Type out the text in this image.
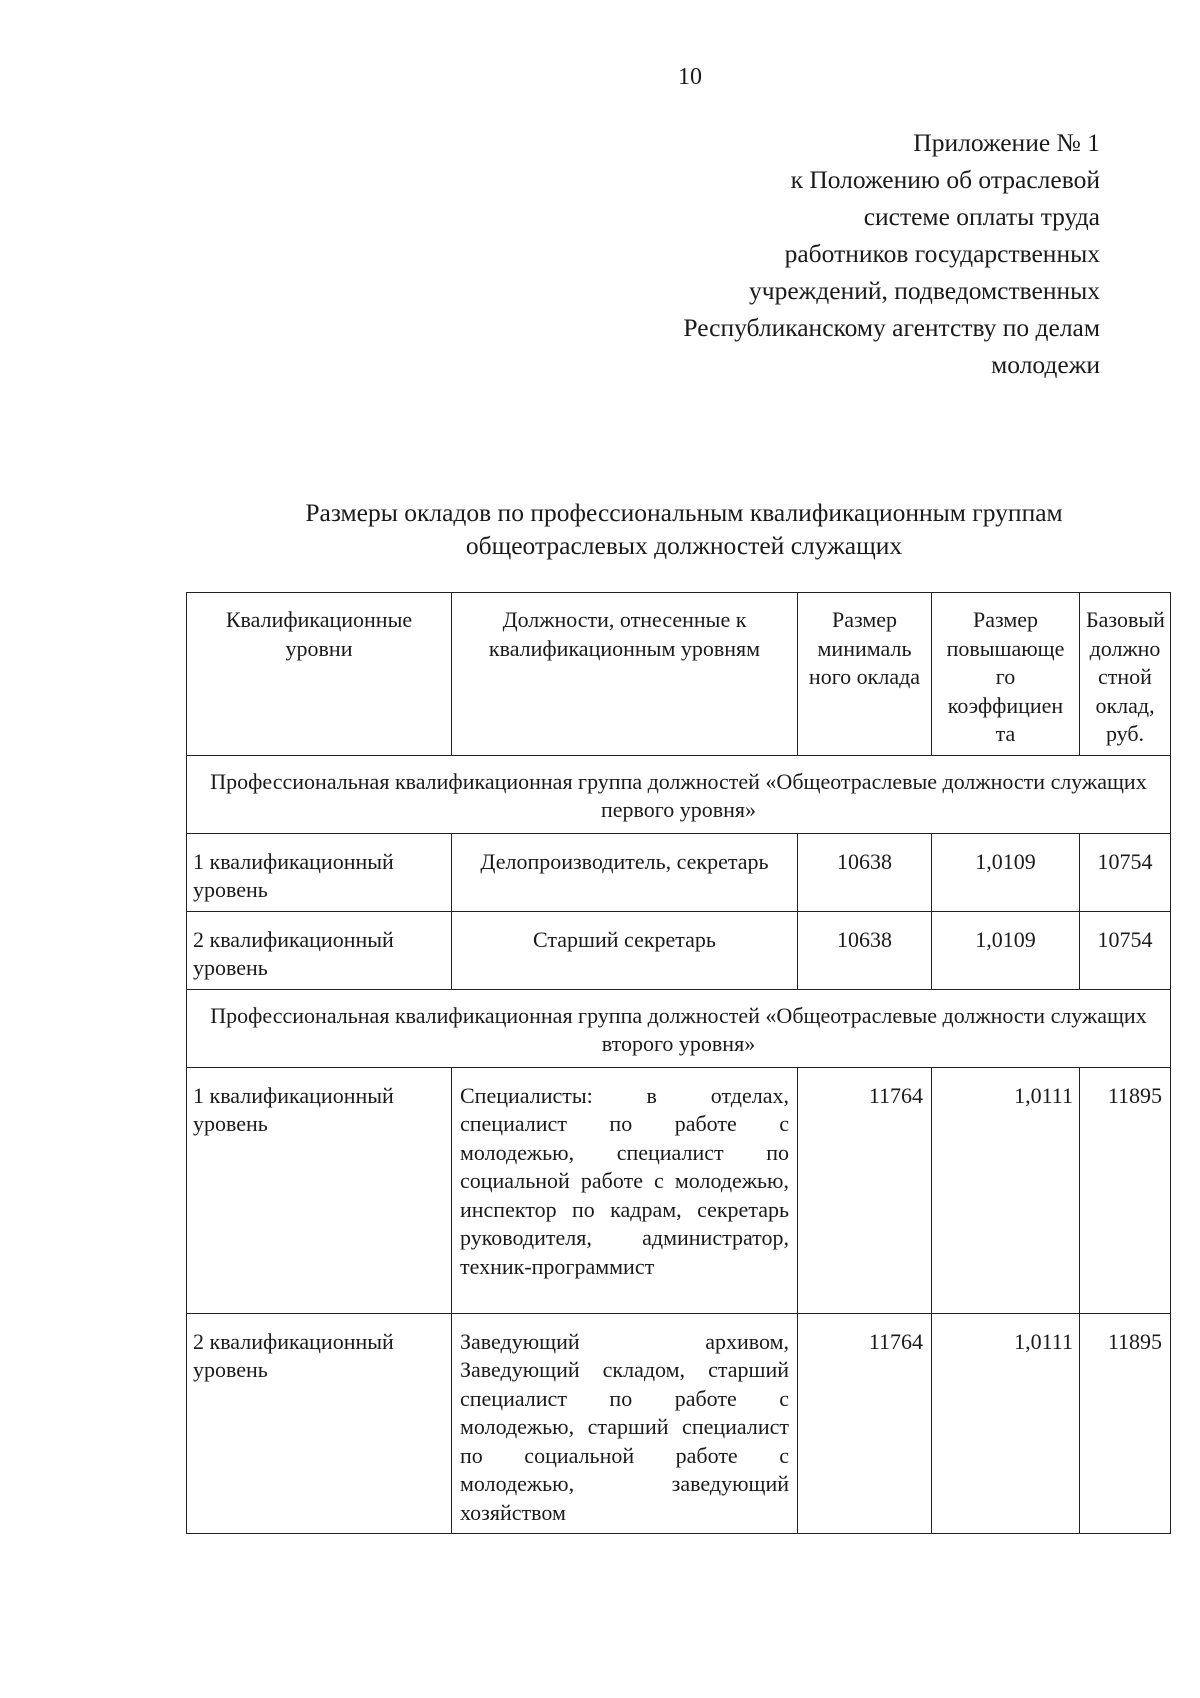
10
Приложение № 1
к Положению об отраслевой
системе оплаты труда
работников государственных
учреждений, подведомственных
Республиканскому агентству по делам
молодежи
Размеры окладов по профессиональным квалификационным группам
общеотраслевых должностей служащих
Квалификационные уровни	Должности, отнесенные к квалификационным уровням	Размер минималь ного оклада	Размер повышающе го коэффициен та	Базовый должно стной оклад, руб.
Профессиональная квалификационная группа должностей «Общеотраслевые должности служащих первого уровня»				
1 квалификационный уровень	Делопроизводитель, секретарь	10638	1,0109	10754
2 квалификационный уровень	Старший секретарь	10638	1,0109	10754
Профессиональная квалификационная группа должностей «Общеотраслевые должности служащих второго уровня»				
1 квалификационный уровень	Специалисты: в отделах, специалист по работе с молодежью, специалист по социальной работе с молодежью, инспектор по кадрам, секретарь руководителя, администратор, техник-программист	11764	1,0111	11895
2 квалификационный уровень	Заведующий архивом, Заведующий складом, старший специалист по работе с молодежью, старший специалист по социальной работе с молодежью, заведующий хозяйством	11764	1,0111	11895
